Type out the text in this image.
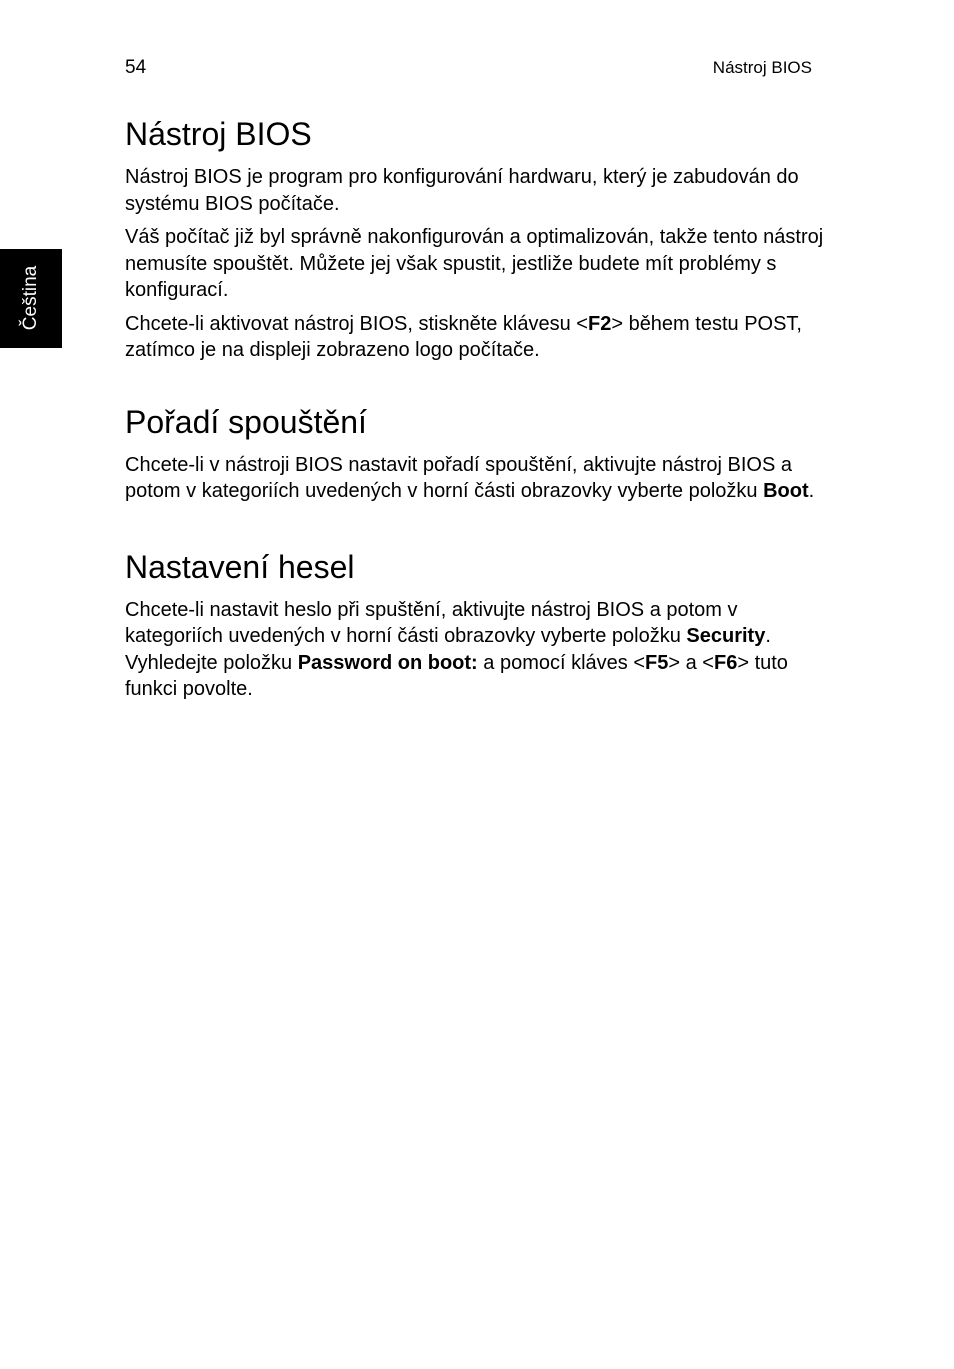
54	Nástroj BIOS
Čeština
Nástroj BIOS

Nástroj BIOS je program pro konfigurování hardwaru, který je zabudován do systému BIOS počítače.

Váš počítač již byl správně nakonfigurován a optimalizován, takže tento nástroj nemusíte spouštět. Můžete jej však spustit, jestliže budete mít problémy s konfigurací.

Chcete-li aktivovat nástroj BIOS, stiskněte klávesu <F2> během testu POST, zatímco je na displeji zobrazeno logo počítače.

Pořadí spouštění

Chcete-li v nástroji BIOS nastavit pořadí spouštění, aktivujte nástroj BIOS a potom v kategoriích uvedených v horní části obrazovky vyberte položku Boot.

Nastavení hesel

Chcete-li nastavit heslo při spuštění, aktivujte nástroj BIOS a potom v kategoriích uvedených v horní části obrazovky vyberte položku Security. Vyhledejte položku Password on boot: a pomocí kláves <F5> a <F6> tuto funkci povolte.
